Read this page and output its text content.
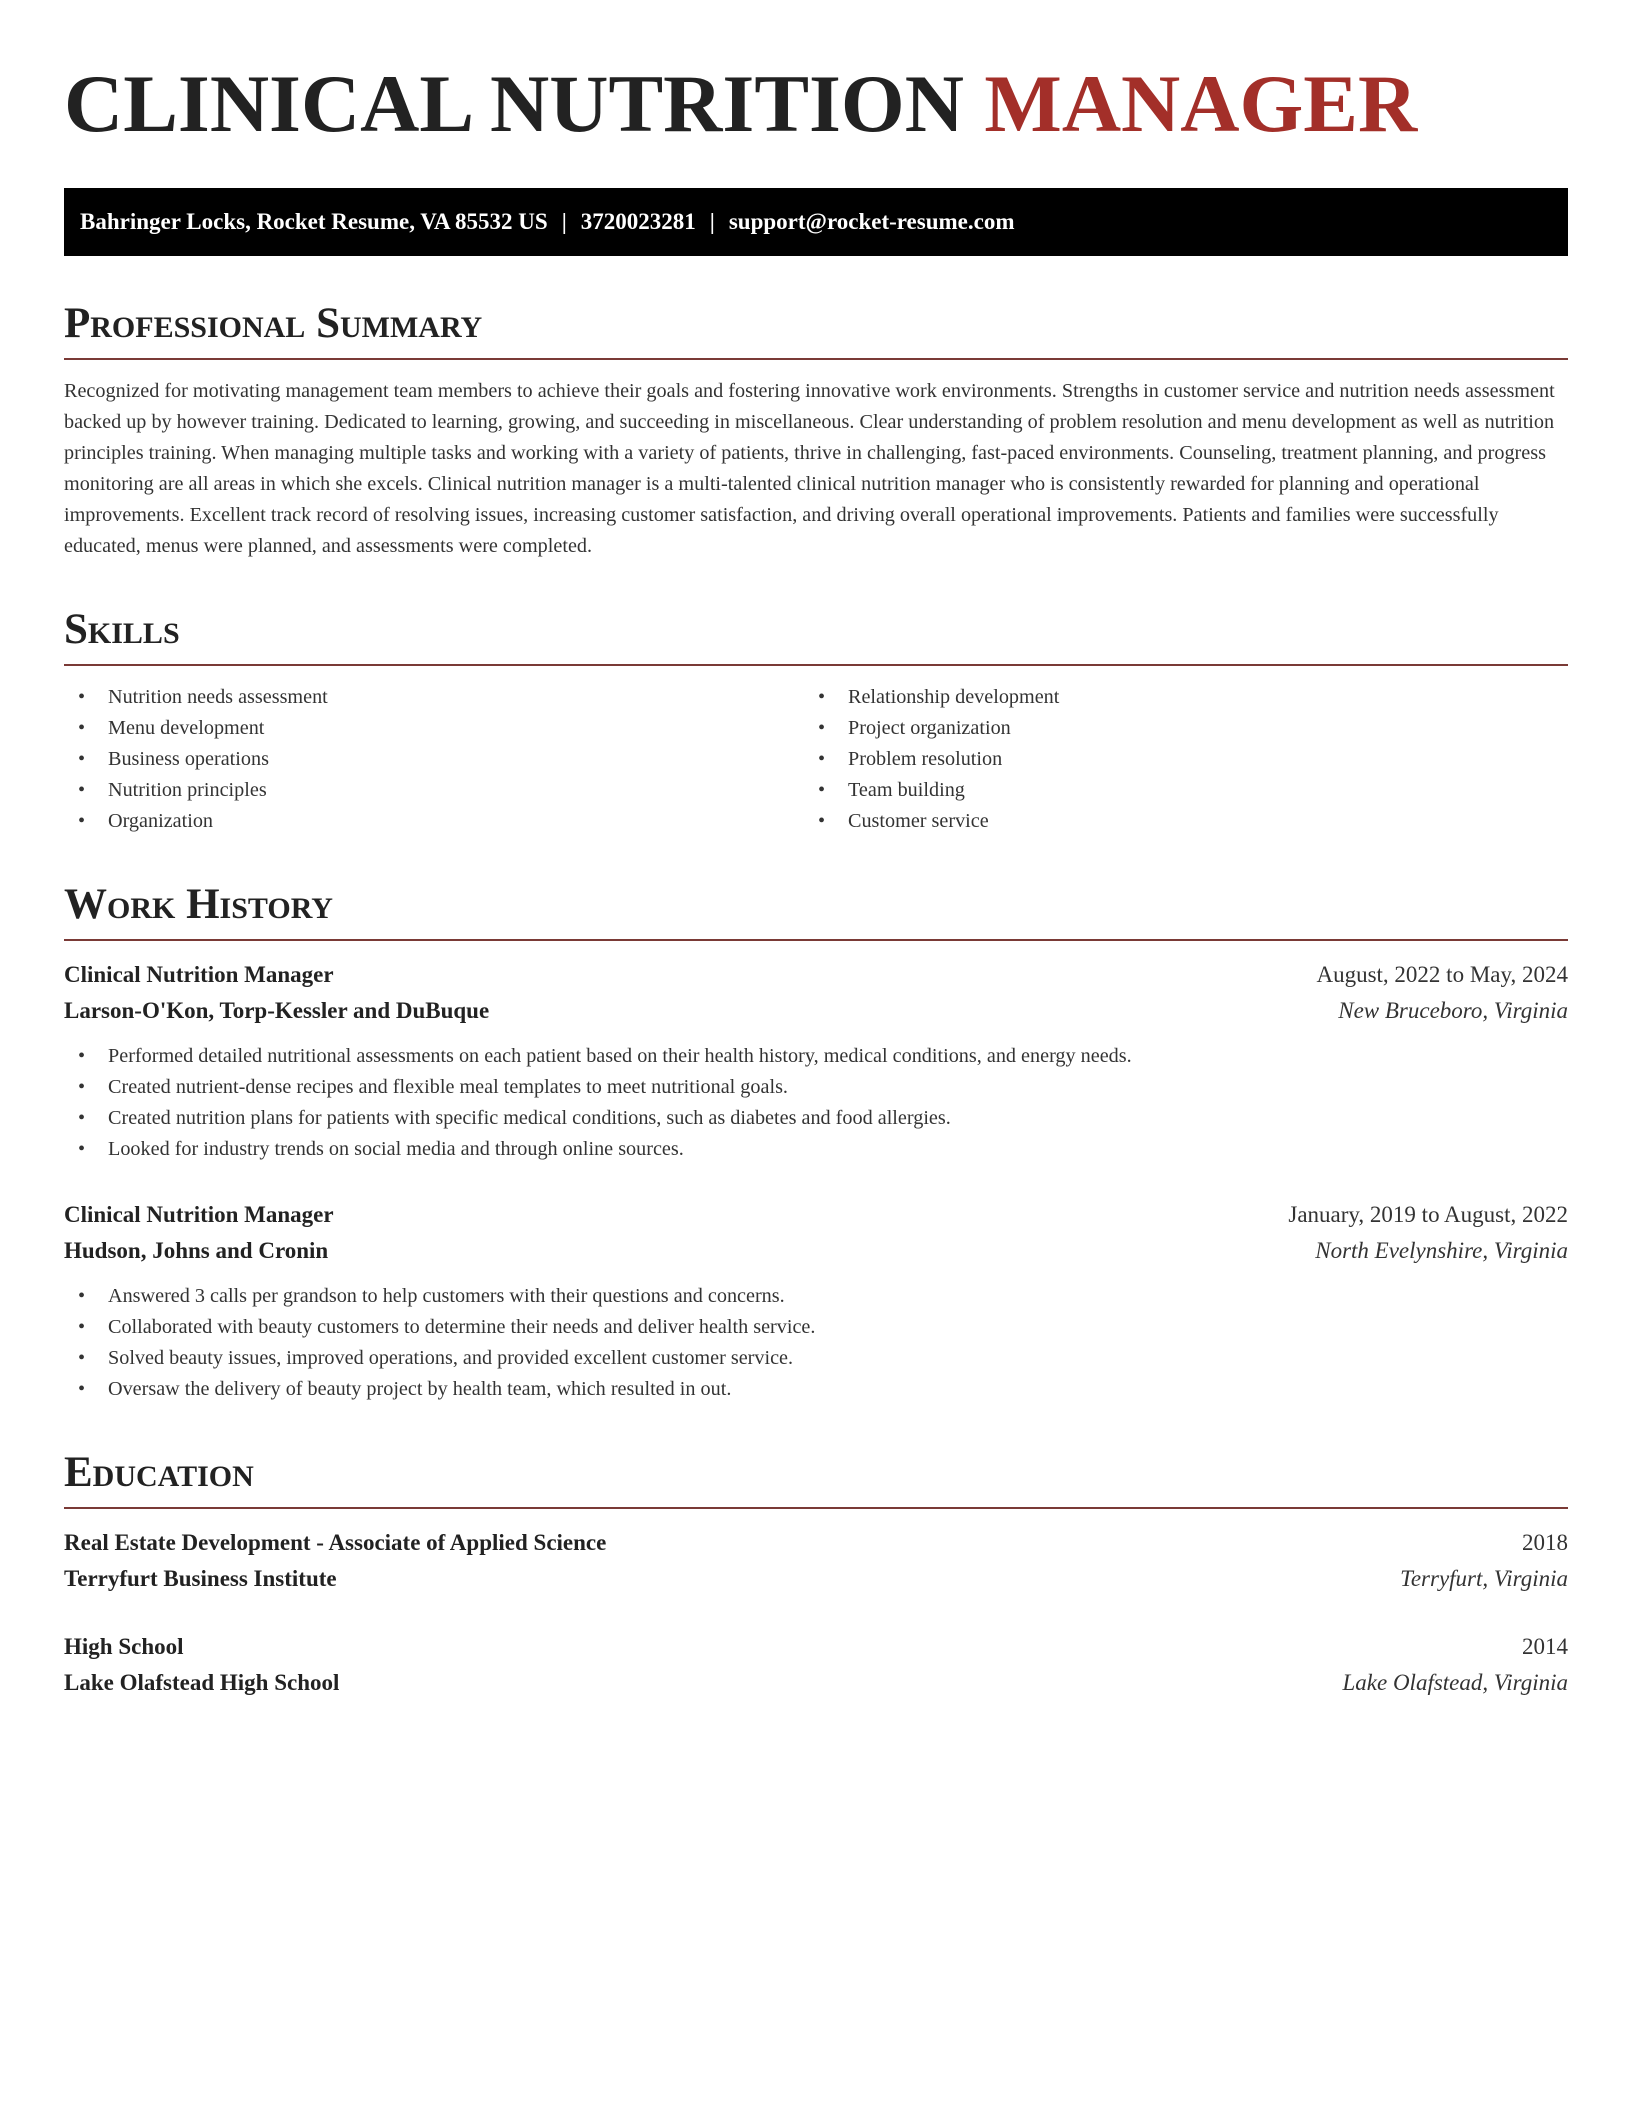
CLINICAL NUTRITION MANAGER
Bahringer Locks, Rocket Resume, VA 85532 US | 3720023281 | support@rocket-resume.com
Professional Summary

Recognized for motivating management team members to achieve their goals and fostering innovative work environments. Strengths in customer service and nutrition needs assessment backed up by however training. Dedicated to learning, growing, and succeeding in miscellaneous. Clear understanding of problem resolution and menu development as well as nutrition principles training. When managing multiple tasks and working with a variety of patients, thrive in challenging, fast-paced environments. Counseling, treatment planning, and progress monitoring are all areas in which she excels. Clinical nutrition manager is a multi-talented clinical nutrition manager who is consistently rewarded for planning and operational improvements. Excellent track record of resolving issues, increasing customer satisfaction, and driving overall operational improvements. Patients and families were successfully educated, menus were planned, and assessments were completed.

Skills
• Nutrition needs assessment
• Menu development
• Business operations
• Nutrition principles
• Organization
• Relationship development
• Project organization
• Problem resolution
• Team building
• Customer service
Work History
Clinical Nutrition Manager	August, 2022 to May, 2024
Larson-O'Kon, Torp-Kessler and DuBuque	New Bruceboro, Virginia
• Performed detailed nutritional assessments on each patient based on their health history, medical conditions, and energy needs.
• Created nutrient-dense recipes and flexible meal templates to meet nutritional goals.
• Created nutrition plans for patients with specific medical conditions, such as diabetes and food allergies.
• Looked for industry trends on social media and through online sources.
Clinical Nutrition Manager	January, 2019 to August, 2022
Hudson, Johns and Cronin	North Evelynshire, Virginia
• Answered 3 calls per grandson to help customers with their questions and concerns.
• Collaborated with beauty customers to determine their needs and deliver health service.
• Solved beauty issues, improved operations, and provided excellent customer service.
• Oversaw the delivery of beauty project by health team, which resulted in out.
Education
Real Estate Development - Associate of Applied Science	2018
Terryfurt Business Institute	Terryfurt, Virginia
High School	2014
Lake Olafstead High School	Lake Olafstead, Virginia
